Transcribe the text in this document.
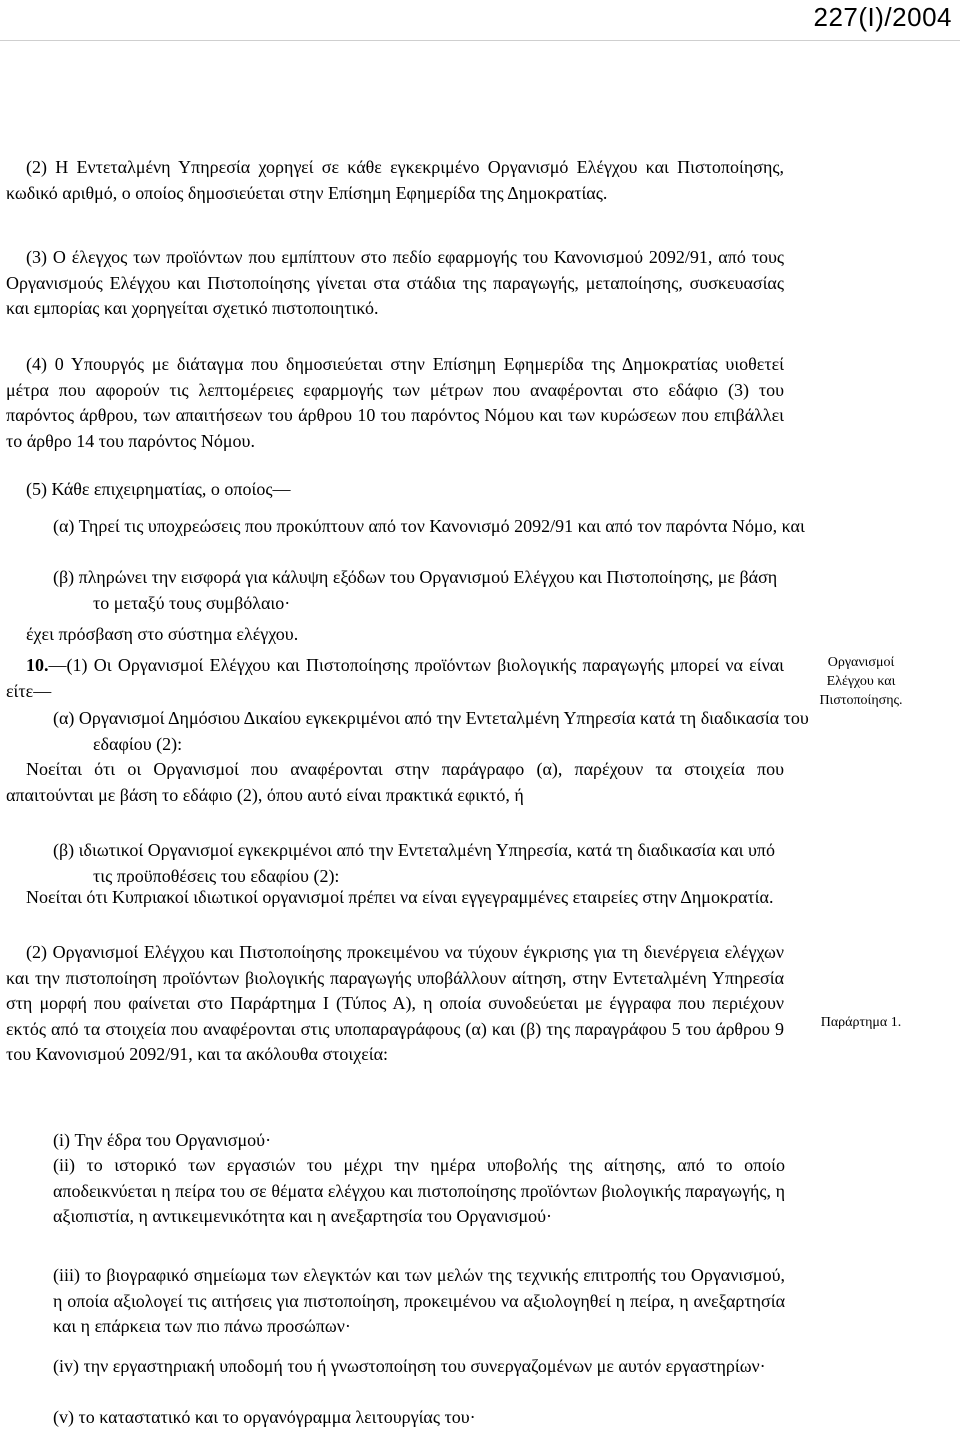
227(Ι)/2004
(2) Η Εντεταλμένη Υπηρεσία χορηγεί σε κάθε εγκεκριμένο Οργανισμό Ελέγχου και Πιστοποίησης, κωδικό αριθμό, ο οποίος δημοσιεύεται στην Επίσημη Εφημερίδα της Δημοκρατίας.
(3) Ο έλεγχος των προϊόντων που εμπίπτουν στο πεδίο εφαρμογής του Κανονισμού 2092/91, από τους Οργανισμούς Ελέγχου και Πιστοποίησης γίνεται στα στάδια της παραγωγής, μεταποίησης, συσκευασίας και εμπορίας και χορηγείται σχετικό πιστοποιητικό.
(4) 0 Υπουργός με διάταγμα που δημοσιεύεται στην Επίσημη Εφημερίδα της Δημοκρατίας υιοθετεί μέτρα που αφορούν τις λεπτομέρειες εφαρμογής των μέτρων που αναφέρονται στο εδάφιο (3) του παρόντος άρθρου, των απαιτήσεων του άρθρου 10 του παρόντος Νόμου και των κυρώσεων που επιβάλλει το άρθρο 14 του παρόντος Νόμου.
(5) Κάθε επιχειρηματίας, ο οποίος—
(α) Τηρεί τις υποχρεώσεις που προκύπτουν από τον Κανονισμό 2092/91 και από τον παρόντα Νόμο, και
(β) πληρώνει την εισφορά για κάλυψη εξόδων του Οργανισμού Ελέγχου και Πιστοποίησης, με βάση το μεταξύ τους συμβόλαιο·
έχει πρόσβαση στο σύστημα ελέγχου.
10.—(1) Οι Οργανισμοί Ελέγχου και Πιστοποίησης προϊόντων βιολογικής παραγωγής μπορεί να είναι είτε—
(α) Οργανισμοί Δημόσιου Δικαίου εγκεκριμένοι από την Εντεταλμένη Υπηρεσία κατά τη διαδικασία του εδαφίου (2):
Νοείται ότι οι Οργανισμοί που αναφέρονται στην παράγραφο (α), παρέχουν τα στοιχεία που απαιτούνται με βάση το εδάφιο (2), όπου αυτό είναι πρακτικά εφικτό, ή
(β) ιδιωτικοί Οργανισμοί εγκεκριμένοι από την Εντεταλμένη Υπηρεσία, κατά τη διαδικασία και υπό τις προϋποθέσεις του εδαφίου (2):
Νοείται ότι Κυπριακοί ιδιωτικοί οργανισμοί πρέπει να είναι εγγεγραμμένες εταιρείες στην Δημοκρατία.
(2) Οργανισμοί Ελέγχου και Πιστοποίησης προκειμένου να τύχουν έγκρισης για τη διενέργεια ελέγχων και την πιστοποίηση προϊόντων βιολογικής παραγωγής υποβάλλουν αίτηση, στην Εντεταλμένη Υπηρεσία στη μορφή που φαίνεται στο Παράρτημα Ι (Τύπος Α), η οποία συνοδεύεται με έγγραφα που περιέχουν εκτός από τα στοιχεία που αναφέρονται στις υποπαραγράφους (α) και (β) της παραγράφου 5 του άρθρου 9 του Κανονισμού 2092/91, και τα ακόλουθα στοιχεία:
(i) Την έδρα του Οργανισμού·
(ii) το ιστορικό των εργασιών του μέχρι την ημέρα υποβολής της αίτησης, από το οποίο αποδεικνύεται η πείρα του σε θέματα ελέγχου και πιστοποίησης προϊόντων βιολογικής παραγωγής, η αξιοπιστία, η αντικειμενικότητα και η ανεξαρτησία του Οργανισμού·
(iii) το βιογραφικό σημείωμα των ελεγκτών και των μελών της τεχνικής επιτροπής του Οργανισμού, η οποία αξιολογεί τις αιτήσεις για πιστοποίηση, προκειμένου να αξιολογηθεί η πείρα, η ανεξαρτησία και η επάρκεια των πιο πάνω προσώπων·
(iv) την εργαστηριακή υποδομή του ή γνωστοποίηση του συνεργαζομένων με αυτόν εργαστηρίων·
(v) το καταστατικό και το οργανόγραμμα λειτουργίας του·
Οργανισμοί Ελέγχου και Πιστοποίησης.
Παράρτημα 1.
